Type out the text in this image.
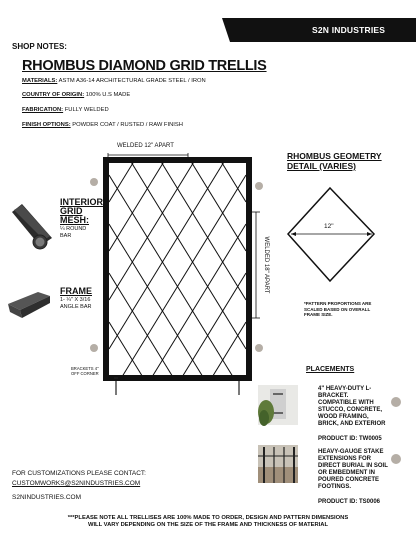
S2N INDUSTRIES
SHOP NOTES:
RHOMBUS DIAMOND GRID TRELLIS
MATERIALS: ASTM A36-14 ARCHITECTURAL GRADE STEEL / IRON
COUNTRY OF ORIGIN: 100% U.S MADE
FABRICATION: FULLY WELDED
FINISH OPTIONS: POWDER COAT / RUSTED / RAW FINISH
WELDED 12" APART
WELDED 18" APART
INTERIOR
GRID
MESH:
¼ ROUND
BAR
FRAME
1- ¼" X 3/16
ANGLE BAR
BRACKETS 4"
OFF CORNER
RHOMBUS GEOMETRY
DETAIL (VARIES)
12"
*PATTERN PROPORTIONS ARE
SCALED BASED ON OVERALL
FRAME SIZE.
PLACEMENTS
4" HEAVY-DUTY L-
BRACKET.
COMPATIBLE WITH
STUCCO, CONCRETE,
WOOD FRAMING,
BRICK, AND EXTERIOR
PRODUCT ID: TW0005
HEAVY-GAUGE STAKE
EXTENSIONS FOR
DIRECT BURIAL IN SOIL
OR EMBEDMENT IN
POURED CONCRETE
FOOTINGS.
PRODUCT ID: TS0006
FOR CUSTOMIZATIONS PLEASE CONTACT:
CUSTOMWORKS@S2NINDUSTRIES.COM
S2NINDUSTRIES.COM
***PLEASE NOTE ALL TRELLISES ARE 100% MADE TO ORDER, DESIGN AND PATTERN DIMENSIONS
WILL VARY DEPENDING ON THE SIZE OF THE FRAME AND THICKNESS OF MATERIAL
